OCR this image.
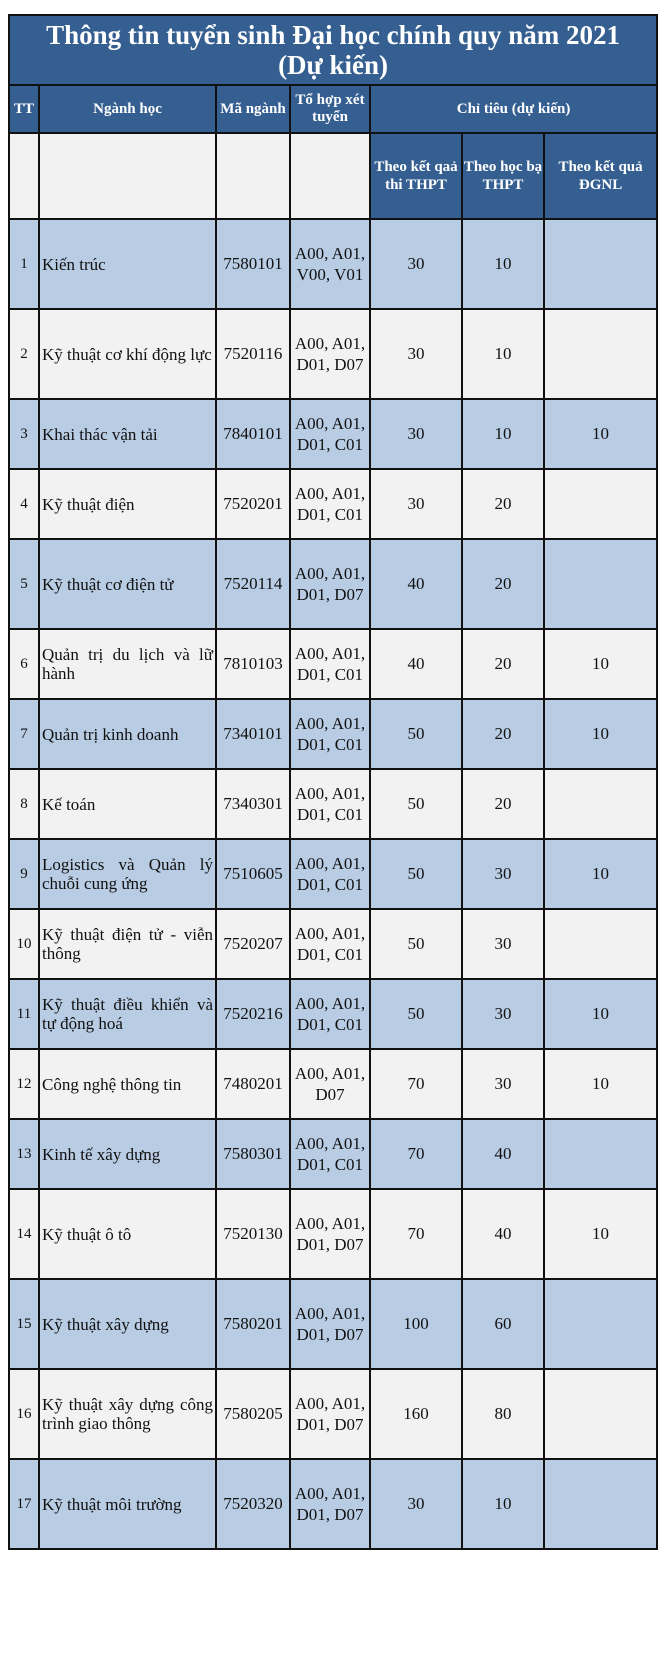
Thông tin tuyển sinh Đại học chính quy năm 2021
(Dự kiến)						

TT	Ngành học	Mã ngành	Tổ hợp xét tuyển	Chỉ tiêu (dự kiến)		
				Theo kết qaả thi THPT	Theo học bạ THPT	Theo kết quả ĐGNL
1	Kiến trúc	7580101	A00, A01, V00, V01	30	10	
2	Kỹ thuật cơ khí động lực	7520116	A00, A01, D01, D07	30	10	
3	Khai thác vận tải	7840101	A00, A01, D01, C01	30	10	10
4	Kỹ thuật điện	7520201	A00, A01, D01, C01	30	20	
5	Kỹ thuật cơ điện tử	7520114	A00, A01, D01, D07	40	20	
6	Quản trị du lịch và lữ hành	7810103	A00, A01, D01, C01	40	20	10
7	Quản trị kinh doanh	7340101	A00, A01, D01, C01	50	20	10
8	Kế toán	7340301	A00, A01, D01, C01	50	20	
9	Logistics và Quản lý chuỗi cung ứng	7510605	A00, A01, D01, C01	50	30	10
10	Kỹ thuật điện tử - viễn thông	7520207	A00, A01, D01, C01	50	30	
11	Kỹ thuật điều khiển và tự động hoá	7520216	A00, A01, D01, C01	50	30	10
12	Công nghệ thông tin	7480201	A00, A01, D07	70	30	10
13	Kinh tế xây dựng	7580301	A00, A01, D01, C01	70	40	
14	Kỹ thuật ô tô	7520130	A00, A01, D01, D07	70	40	10
15	Kỹ thuật xây dựng	7580201	A00, A01, D01, D07	100	60	
16	Kỹ thuật xây dựng công trình giao thông	7580205	A00, A01, D01, D07	160	80	
17	Kỹ thuật môi trường	7520320	A00, A01, D01, D07	30	10	
